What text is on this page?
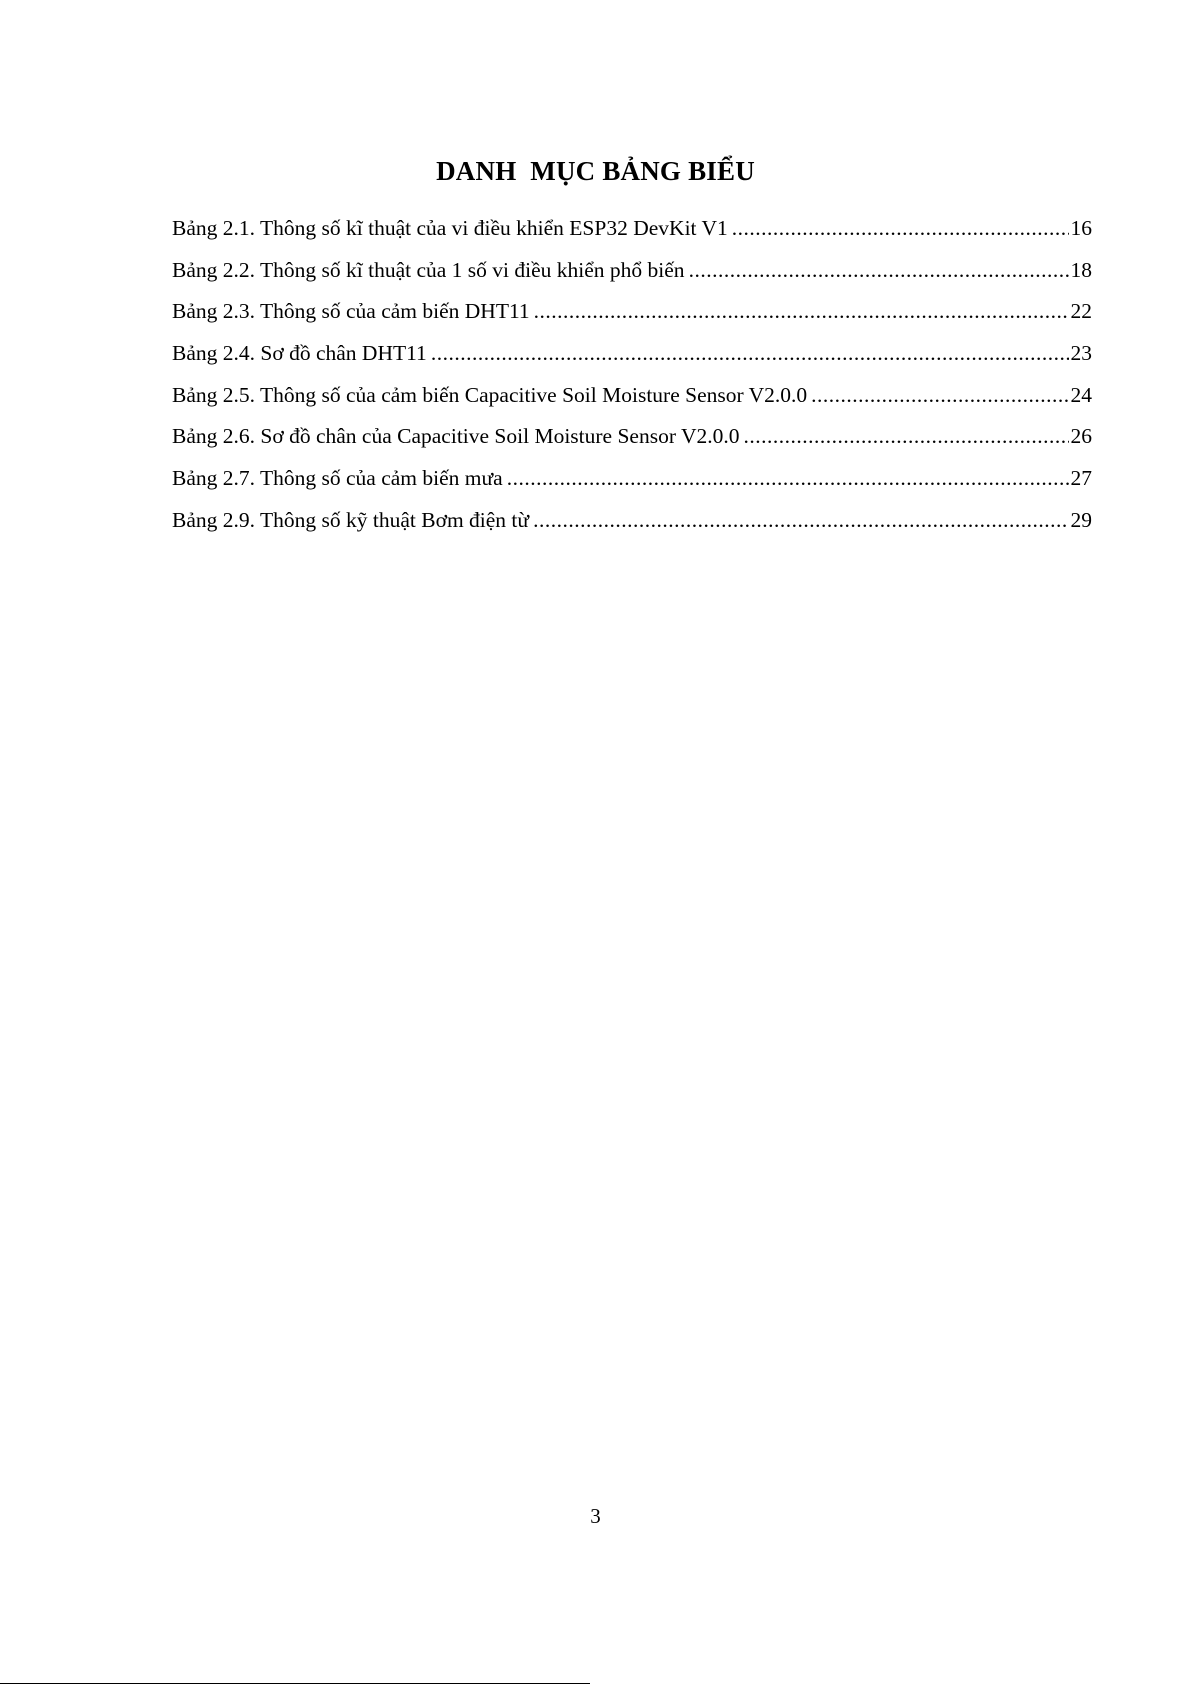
DANH  MỤC BẢNG BIỂU
Bảng 2.1. Thông số kĩ thuật của vi điều khiển ESP32 DevKit V1 .....	16
Bảng 2.2. Thông số kĩ thuật của 1 số vi điều khiển phổ biến .....	18
Bảng 2.3. Thông số của cảm biến DHT11 .....	22
Bảng 2.4. Sơ đồ chân DHT11 .....	23
Bảng 2.5. Thông số của cảm biến Capacitive Soil Moisture Sensor V2.0.0 .....	24
Bảng 2.6. Sơ đồ chân của Capacitive Soil Moisture Sensor V2.0.0 .....	26
Bảng 2.7. Thông số của cảm biến mưa .....	27
Bảng 2.9. Thông số kỹ thuật Bơm điện từ .....	29
3
